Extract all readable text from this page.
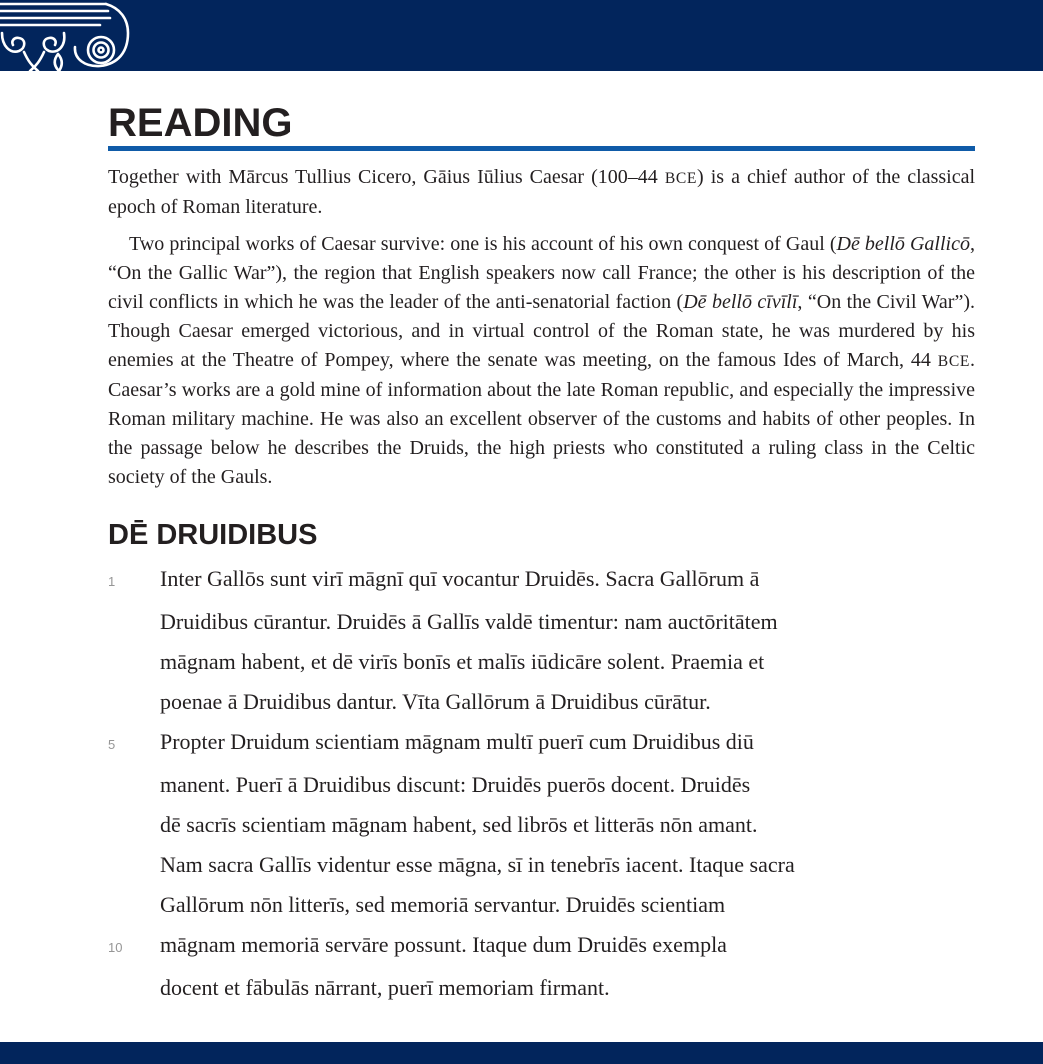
READING

Together with Mārcus Tullius Cicero, Gāius Iūlius Caesar (100–44 BCE) is a chief author of the classical epoch of Roman literature.

Two principal works of Caesar survive: one is his account of his own conquest of Gaul (Dē bellō Gallicō, “On the Gallic War”), the region that English speakers now call France; the other is his description of the civil conflicts in which he was the leader of the anti-senatorial faction (Dē bellō cīvīlī, “On the Civil War”). Though Caesar emerged victorious, and in virtual control of the Roman state, he was murdered by his enemies at the Theatre of Pompey, where the senate was meeting, on the famous Ides of March, 44 BCE. Caesar’s works are a gold mine of information about the late Roman republic, and especially the impressive Roman military machine. He was also an excellent observer of the customs and habits of other peoples. In the passage below he describes the Druids, the high priests who constituted a ruling class in the Celtic society of the Gauls.

DĒ DRUIDIBUS
1	Inter Gallōs sunt virī māgnī quī vocantur Druidēs. Sacra Gallōrum ā
Druidibus cūrantur. Druidēs ā Gallīs valdē timentur: nam auctōritātem
māgnam habent, et dē virīs bonīs et malīs iūdicāre solent. Praemia et
poenae ā Druidibus dantur. Vīta Gallōrum ā Druidibus cūrātur.
5	Propter Druidum scientiam māgnam multī puerī cum Druidibus diū
manent. Puerī ā Druidibus discunt: Druidēs puerōs docent. Druidēs
dē sacrīs scientiam māgnam habent, sed librōs et litterās nōn amant.
Nam sacra Gallīs videntur esse māgna, sī in tenebrīs iacent. Itaque sacra
Gallōrum nōn litterīs, sed memoriā servantur. Druidēs scientiam
10	māgnam memoriā servāre possunt. Itaque dum Druidēs exempla
docent et fābulās nārrant, puerī memoriam firmant.
